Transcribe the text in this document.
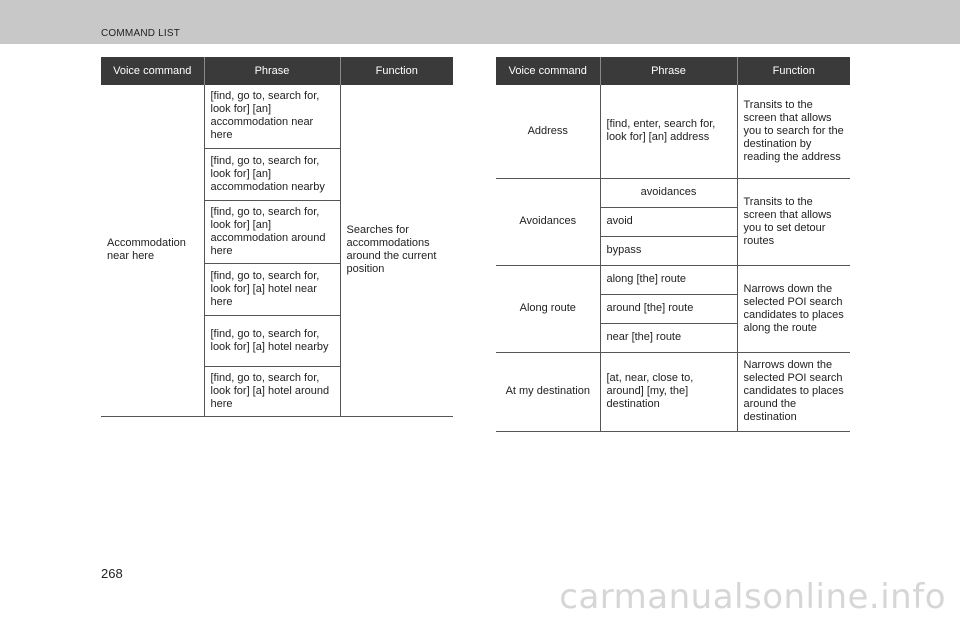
COMMAND LIST
Voice command	Phrase	Function
Accommodation near here	[find, go to, search for, look for] [an] accommodation near here	Searches for accommodations around the current position
	[find, go to, search for, look for] [an] accommodation nearby	
	[find, go to, search for, look for] [an] accommodation around here	
	[find, go to, search for, look for] [a] hotel near here	
	[find, go to, search for, look for] [a] hotel nearby	
	[find, go to, search for, look for] [a] hotel around here	
Voice command	Phrase	Function
Address	[find, enter, search for, look for] [an] address	Transits to the screen that allows you to search for the destination by reading the address
Avoidances	avoidances	Transits to the screen that allows you to set detour routes
	avoid	
	bypass	
Along route	along [the] route	Narrows down the selected POI search candidates to places along the route
	around [the] route	
	near [the] route	
At my destination	[at, near, close to, around] [my, the] destination	Narrows down the selected POI search candidates to places around the destination
268
carmanualsonline.info
